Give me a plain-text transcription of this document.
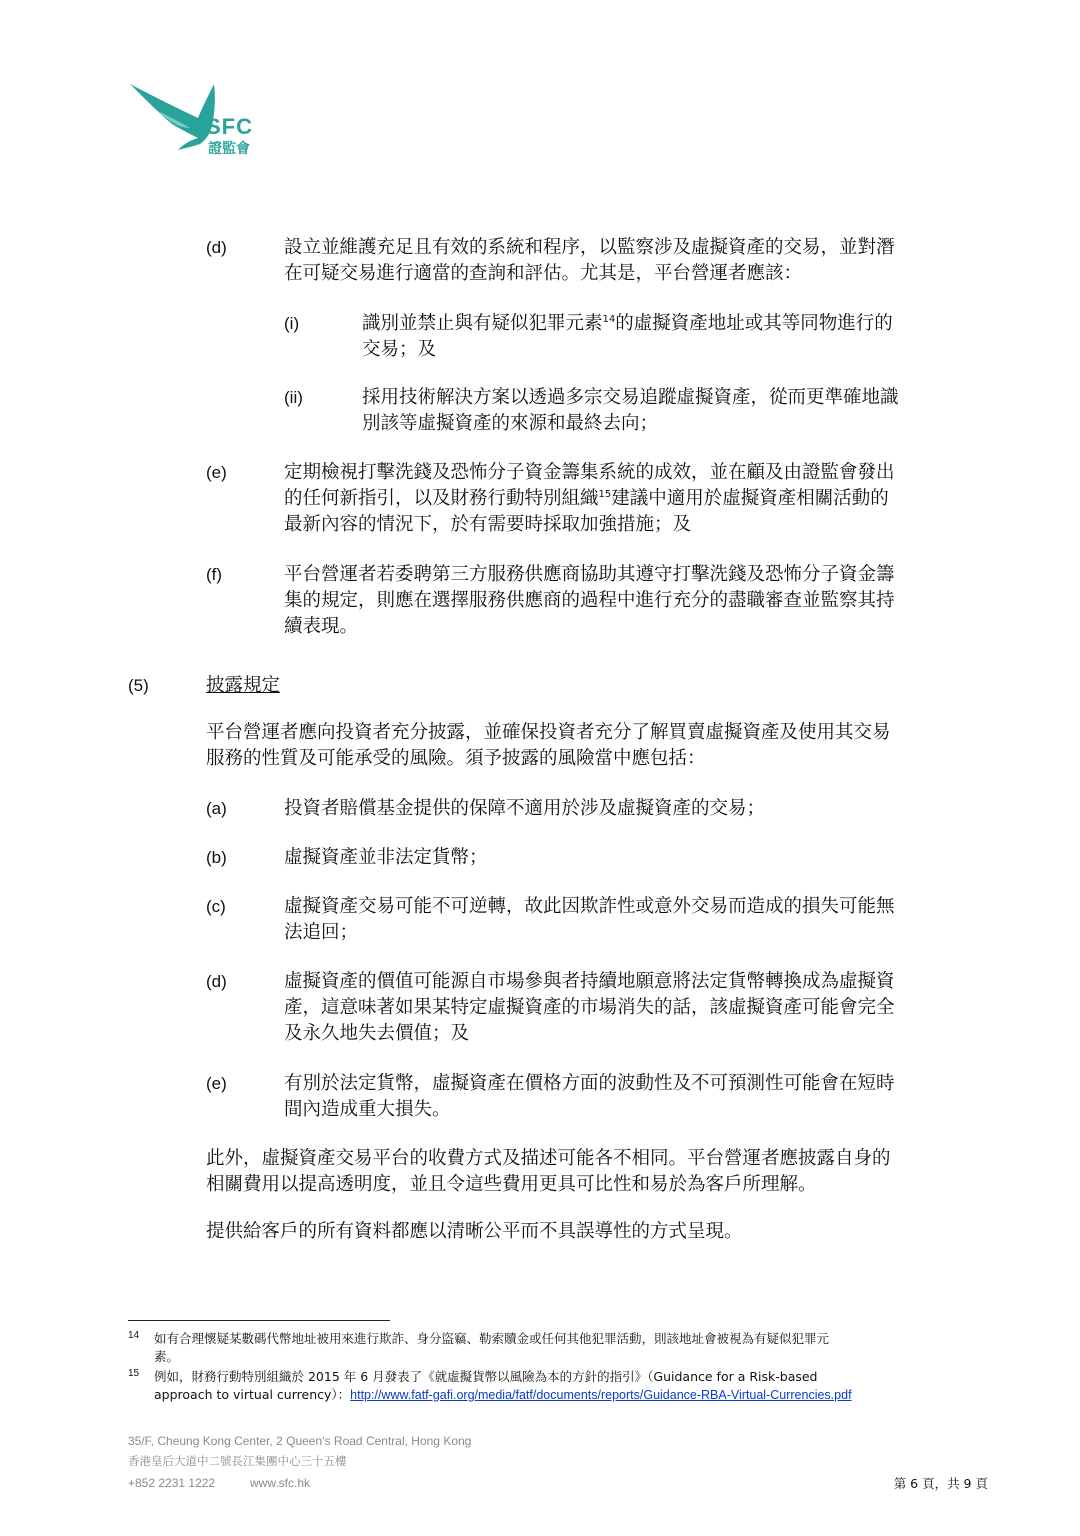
SFC
證監會
(d)	設立並維護充足且有效的系統和程序，以監察涉及虛擬資產的交易，並對潛
在可疑交易進行適當的查詢和評估。尤其是，平台營運者應該：
(i)	識別並禁止與有疑似犯罪元素$^{14}$的虛擬資產地址或其等同物進行的
交易；及
(ii)	採用技術解決方案以透過多宗交易追蹤虛擬資產，從而更準確地識
別該等虛擬資產的來源和最終去向；
(e)	定期檢視打擊洗錢及恐怖分子資金籌集系統的成效，並在顧及由證監會發出
的任何新指引，以及財務行動特別組織$^{15}$建議中適用於虛擬資產相關活動的
最新內容的情況下，於有需要時採取加強措施；及
(f)	平台營運者若委聘第三方服務供應商協助其遵守打擊洗錢及恐怖分子資金籌
集的規定，則應在選擇服務供應商的過程中進行充分的盡職審查並監察其持
續表現。
(5)	披露規定
平台營運者應向投資者充分披露，並確保投資者充分了解買賣虛擬資產及使用其交易
服務的性質及可能承受的風險。須予披露的風險當中應包括：
(a)	投資者賠償基金提供的保障不適用於涉及虛擬資產的交易；
(b)	虛擬資產並非法定貨幣；
(c)	虛擬資產交易可能不可逆轉，故此因欺詐性或意外交易而造成的損失可能無
法追回；
(d)	虛擬資產的價值可能源自市場參與者持續地願意將法定貨幣轉換成為虛擬資
產，這意味著如果某特定虛擬資產的市場消失的話，該虛擬資產可能會完全
及永久地失去價值；及
(e)	有別於法定貨幣，虛擬資產在價格方面的波動性及不可預測性可能會在短時
間內造成重大損失。
此外，虛擬資產交易平台的收費方式及描述可能各不相同。平台營運者應披露自身的
相關費用以提高透明度，並且令這些費用更具可比性和易於為客戶所理解。
提供給客戶的所有資料都應以清晰公平而不具誤導性的方式呈現。
14 如有合理懷疑某數碼代幣地址被用來進行欺詐、身分盜竊、勒索贖金或任何其他犯罪活動，則該地址會被視為有疑似犯罪元
素。
15 例如，財務行動特別組織於 2015 年 6 月發表了《就虛擬貨幣以風險為本的方針的指引》（Guidance for a Risk-based
approach to virtual currency）：http://www.fatf-gafi.org/media/fatf/documents/reports/Guidance-RBA-Virtual-Currencies.pdf
35/F, Cheung Kong Center, 2 Queen’s Road Central, Hong Kong
香港皇后大道中二號長江集團中心三十五樓
+852 2231 1222	www.sfc.hk	第 6 頁，共 9 頁
